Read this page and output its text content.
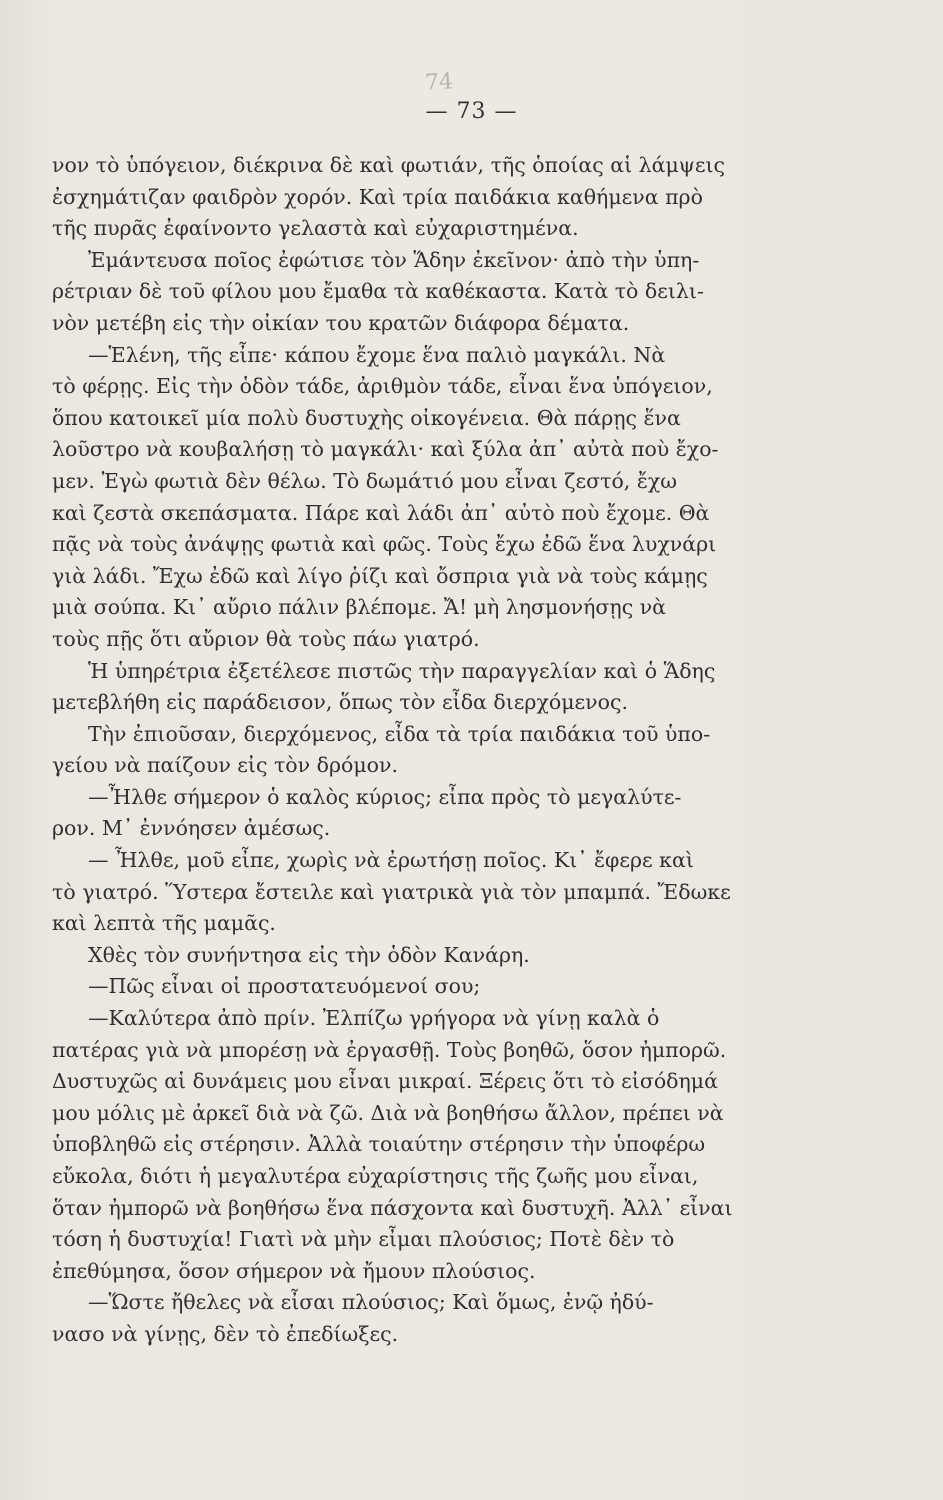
74
— 73 —
νον τὸ ὑπόγειον, διέκρινα δὲ καὶ φωτιάν, τῆς ὁποίας αἱ λάμψεις
ἐσχημάτιζαν φαιδρὸν χορόν. Καὶ τρία παιδάκια καθήμενα πρὸ
τῆς πυρᾶς ἐφαίνοντο γελαστὰ καὶ εὐχαριστημένα.
Ἐμάντευσα ποῖος ἐφώτισε τὸν Ἅδην ἐκεῖνον· ἀπὸ τὴν ὑπη-
ρέτριαν δὲ τοῦ φίλου μου ἔμαθα τὰ καθέκαστα. Κατὰ τὸ δειλι-
νὸν μετέβη εἰς τὴν οἰκίαν του κρατῶν διάφορα δέματα.
—Ἑλένη, τῆς εἶπε· κάπου ἔχομε ἕνα παλιὸ μαγκάλι. Νὰ
τὸ φέρῃς. Εἰς τὴν ὁδὸν τάδε, ἀριθμὸν τάδε, εἶναι ἕνα ὑπόγειον,
ὅπου κατοικεῖ μία πολὺ δυστυχὴς οἰκογένεια. Θὰ πάρῃς ἕνα
λοῦστρο νὰ κουβαλήσῃ τὸ μαγκάλι· καὶ ξύλα ἀπ᾽ αὐτὰ ποὺ ἔχο-
μεν. Ἐγὼ φωτιὰ δὲν θέλω. Τὸ δωμάτιό μου εἶναι ζεστό, ἔχω
καὶ ζεστὰ σκεπάσματα. Πάρε καὶ λάδι ἀπ᾽ αὐτὸ ποὺ ἔχομε. Θὰ
πᾷς νὰ τοὺς ἀνάψῃς φωτιὰ καὶ φῶς. Τοὺς ἔχω ἐδῶ ἕνα λυχνάρι
γιὰ λάδι. Ἔχω ἐδῶ καὶ λίγο ῥίζι καὶ ὄσπρια γιὰ νὰ τοὺς κάμῃς
μιὰ σούπα. Κι᾽ αὔριο πάλιν βλέπομε. Ἄ! μὴ λησμονήσῃς νὰ
τοὺς πῇς ὅτι αὔριον θὰ τοὺς πάω γιατρό.
Ἡ ὑπηρέτρια ἐξετέλεσε πιστῶς τὴν παραγγελίαν καὶ ὁ Ἅδης
μετεβλήθη εἰς παράδεισον, ὅπως τὸν εἶδα διερχόμενος.
Τὴν ἐπιοῦσαν, διερχόμενος, εἶδα τὰ τρία παιδάκια τοῦ ὑπο-
γείου νὰ παίζουν εἰς τὸν δρόμον.
—Ἦλθε σήμερον ὁ καλὸς κύριος; εἶπα πρὸς τὸ μεγαλύτε-
ρον. Μ᾽ ἐννόησεν ἀμέσως.
— Ἦλθε, μοῦ εἶπε, χωρὶς νὰ ἐρωτήσῃ ποῖος. Κι᾽ ἔφερε καὶ
τὸ γιατρό. Ὕστερα ἔστειλε καὶ γιατρικὰ γιὰ τὸν μπαμπά. Ἔδωκε
καὶ λεπτὰ τῆς μαμᾶς.
Χθὲς τὸν συνήντησα εἰς τὴν ὁδὸν Κανάρη.
—Πῶς εἶναι οἱ προστατευόμενοί σου;
—Καλύτερα ἀπὸ πρίν. Ἐλπίζω γρήγορα νὰ γίνῃ καλὰ ὁ
πατέρας γιὰ νὰ μπορέσῃ νὰ ἐργασθῇ. Τοὺς βοηθῶ, ὅσον ἠμπορῶ.
Δυστυχῶς αἱ δυνάμεις μου εἶναι μικραί. Ξέρεις ὅτι τὸ εἰσόδημά
μου μόλις μὲ ἀρκεῖ διὰ νὰ ζῶ. Διὰ νὰ βοηθήσω ἄλλον, πρέπει νὰ
ὑποβληθῶ εἰς στέρησιν. Ἀλλὰ τοιαύτην στέρησιν τὴν ὑποφέρω
εὔκολα, διότι ἡ μεγαλυτέρα εὐχαρίστησις τῆς ζωῆς μου εἶναι,
ὅταν ἠμπορῶ νὰ βοηθήσω ἕνα πάσχοντα καὶ δυστυχῆ. Ἀλλ᾽ εἶναι
τόση ἡ δυστυχία! Γιατὶ νὰ μὴν εἶμαι πλούσιος; Ποτὲ δὲν τὸ
ἐπεθύμησα, ὅσον σήμερον νὰ ἤμουν πλούσιος.
—Ὥστε ἤθελες νὰ εἶσαι πλούσιος; Καὶ ὅμως, ἐνῷ ἠδύ-
νασο νὰ γίνῃς, δὲν τὸ ἐπεδίωξες.
